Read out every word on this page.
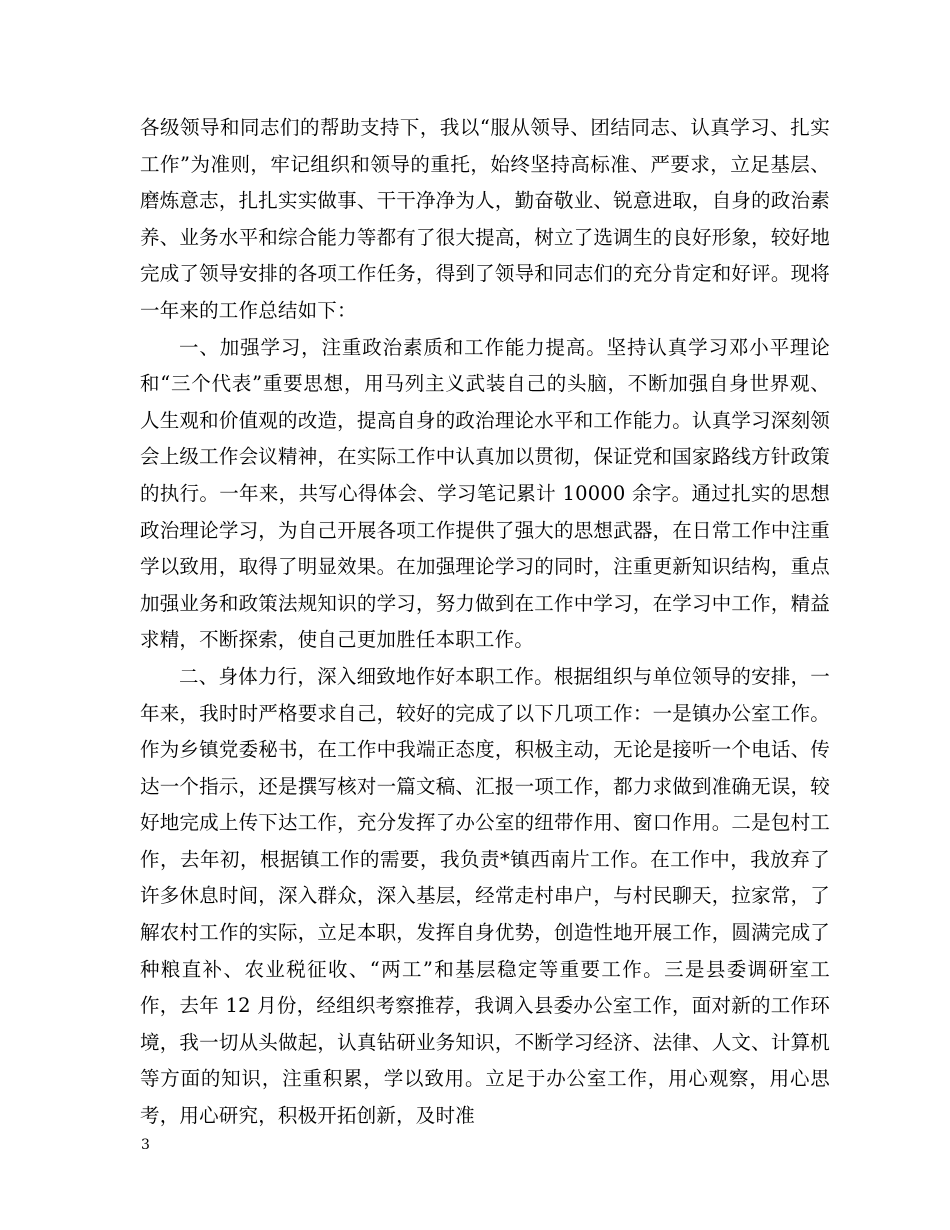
各级领导和同志们的帮助支持下，我以“服从领导、团结同志、认真学习、扎实工作”为准则，牢记组织和领导的重托，始终坚持高标准、严要求，立足基层、磨炼意志，扎扎实实做事、干干净净为人，勤奋敬业、锐意进取，自身的政治素养、业务水平和综合能力等都有了很大提高，树立了选调生的良好形象，较好地完成了领导安排的各项工作任务，得到了领导和同志们的充分肯定和好评。现将一年来的工作总结如下：

一、加强学习，注重政治素质和工作能力提高。坚持认真学习邓小平理论和“三个代表”重要思想，用马列主义武装自己的头脑，不断加强自身世界观、人生观和价值观的改造，提高自身的政治理论水平和工作能力。认真学习深刻领会上级工作会议精神，在实际工作中认真加以贯彻，保证党和国家路线方针政策的执行。一年来，共写心得体会、学习笔记累计 10000 余字。通过扎实的思想政治理论学习，为自己开展各项工作提供了强大的思想武器，在日常工作中注重学以致用，取得了明显效果。在加强理论学习的同时，注重更新知识结构，重点加强业务和政策法规知识的学习，努力做到在工作中学习，在学习中工作，精益求精，不断探索，使自己更加胜任本职工作。

二、身体力行，深入细致地作好本职工作。根据组织与单位领导的安排，一年来，我时时严格要求自己，较好的完成了以下几项工作：一是镇办公室工作。作为乡镇党委秘书，在工作中我端正态度，积极主动，无论是接听一个电话、传达一个指示，还是撰写核对一篇文稿、汇报一项工作，都力求做到准确无误，较好地完成上传下达工作，充分发挥了办公室的纽带作用、窗口作用。二是包村工作，去年初，根据镇工作的需要，我负责*镇西南片工作。在工作中，我放弃了许多休息时间，深入群众，深入基层，经常走村串户，与村民聊天，拉家常，了解农村工作的实际，立足本职，发挥自身优势，创造性地开展工作，圆满完成了种粮直补、农业税征收、“两工”和基层稳定等重要工作。三是县委调研室工作，去年 12 月份，经组织考察推荐，我调入县委办公室工作，面对新的工作环境，我一切从头做起，认真钻研业务知识，不断学习经济、法律、人文、计算机等方面的知识，注重积累，学以致用。立足于办公室工作，用心观察，用心思考，用心研究，积极开拓创新，及时准

3
